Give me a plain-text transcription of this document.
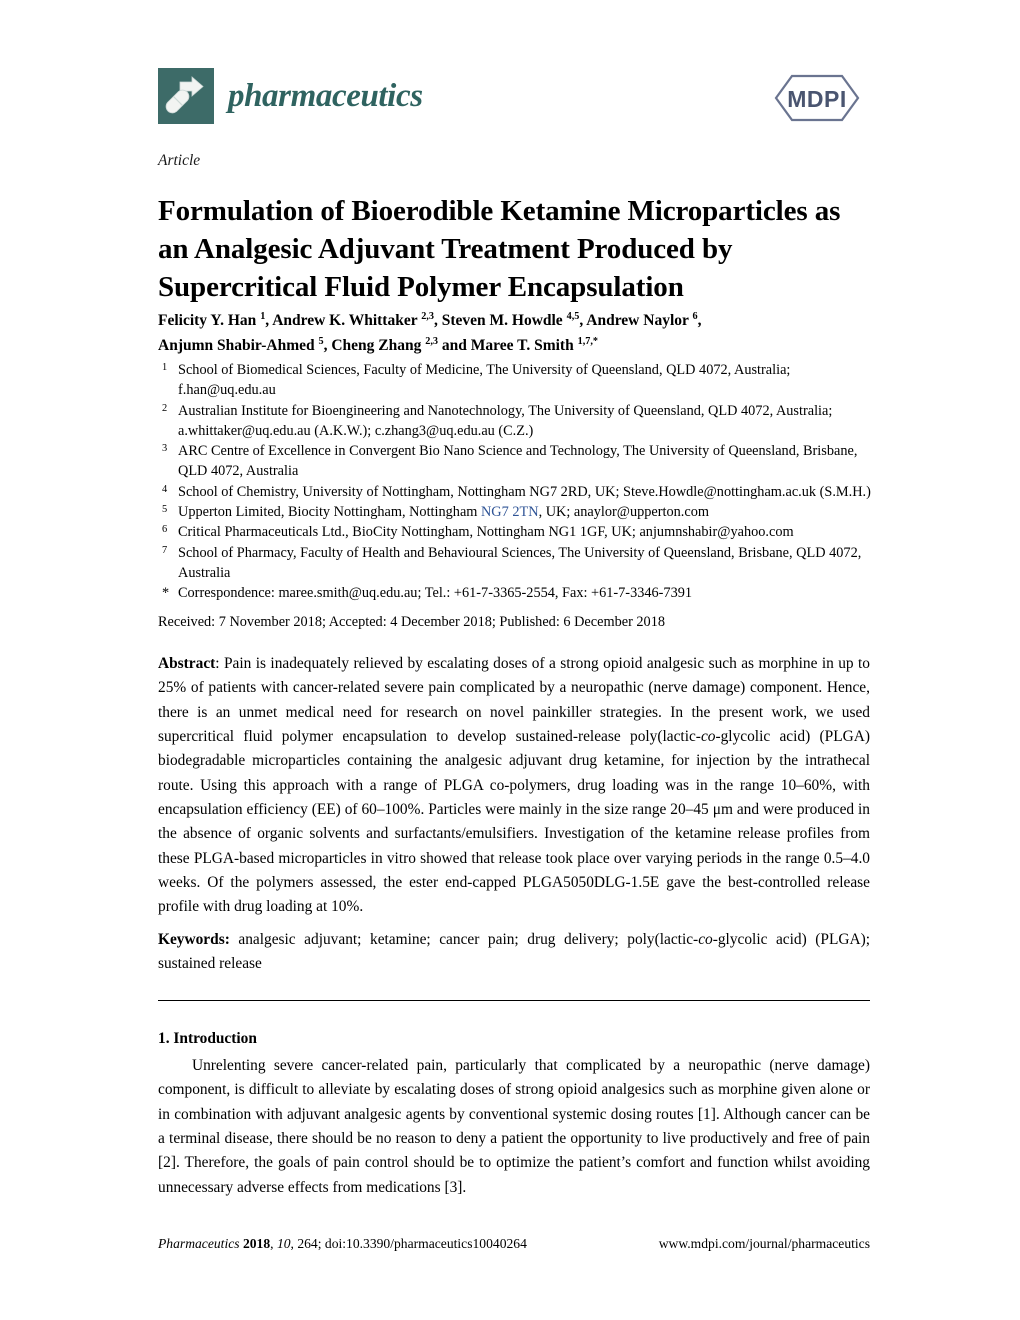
pharmaceutics	MDPI
Article
Formulation of Bioerodible Ketamine Microparticles as an Analgesic Adjuvant Treatment Produced by Supercritical Fluid Polymer Encapsulation
Felicity Y. Han $^1$, Andrew K. Whittaker $^{2,3}$, Steven M. Howdle $^{4,5}$, Andrew Naylor $^6$,
Anjumn Shabir-Ahmed $^5$, Cheng Zhang $^{2,3}$ and Maree T. Smith $^{1,7,*}$
1 School of Biomedical Sciences, Faculty of Medicine, The University of Queensland, QLD 4072, Australia; f.han@uq.edu.au
2 Australian Institute for Bioengineering and Nanotechnology, The University of Queensland, QLD 4072, Australia; a.whittaker@uq.edu.au (A.K.W.); c.zhang3@uq.edu.au (C.Z.)
3 ARC Centre of Excellence in Convergent Bio Nano Science and Technology, The University of Queensland, Brisbane, QLD 4072, Australia
4 School of Chemistry, University of Nottingham, Nottingham NG7 2RD, UK; Steve.Howdle@nottingham.ac.uk (S.M.H.)
5 Upperton Limited, Biocity Nottingham, Nottingham NG7 2TN, UK; anaylor@upperton.com
6 Critical Pharmaceuticals Ltd., BioCity Nottingham, Nottingham NG1 1GF, UK; anjumnshabir@yahoo.com
7 School of Pharmacy, Faculty of Health and Behavioural Sciences, The University of Queensland, Brisbane, QLD 4072, Australia
* Correspondence: maree.smith@uq.edu.au; Tel.: +61-7-3365-2554, Fax: +61-7-3346-7391
Received: 7 November 2018; Accepted: 4 December 2018; Published: 6 December 2018
Abstract: Pain is inadequately relieved by escalating doses of a strong opioid analgesic such as morphine in up to 25% of patients with cancer-related severe pain complicated by a neuropathic (nerve damage) component. Hence, there is an unmet medical need for research on novel painkiller strategies. In the present work, we used supercritical fluid polymer encapsulation to develop sustained-release poly(lactic-co-glycolic acid) (PLGA) biodegradable microparticles containing the analgesic adjuvant drug ketamine, for injection by the intrathecal route. Using this approach with a range of PLGA co-polymers, drug loading was in the range 10–60%, with encapsulation efficiency (EE) of 60–100%. Particles were mainly in the size range 20–45 μm and were produced in the absence of organic solvents and surfactants/emulsifiers. Investigation of the ketamine release profiles from these PLGA-based microparticles in vitro showed that release took place over varying periods in the range 0.5–4.0 weeks. Of the polymers assessed, the ester end-capped PLGA5050DLG-1.5E gave the best-controlled release profile with drug loading at 10%.
Keywords: analgesic adjuvant; ketamine; cancer pain; drug delivery; poly(lactic-co-glycolic acid) (PLGA); sustained release
1. Introduction
Unrelenting severe cancer-related pain, particularly that complicated by a neuropathic (nerve damage) component, is difficult to alleviate by escalating doses of strong opioid analgesics such as morphine given alone or in combination with adjuvant analgesic agents by conventional systemic dosing routes [1]. Although cancer can be a terminal disease, there should be no reason to deny a patient the opportunity to live productively and free of pain [2]. Therefore, the goals of pain control should be to optimize the patient’s comfort and function whilst avoiding unnecessary adverse effects from medications [3].
Pharmaceutics 2018, 10, 264; doi:10.3390/pharmaceutics10040264	www.mdpi.com/journal/pharmaceutics
